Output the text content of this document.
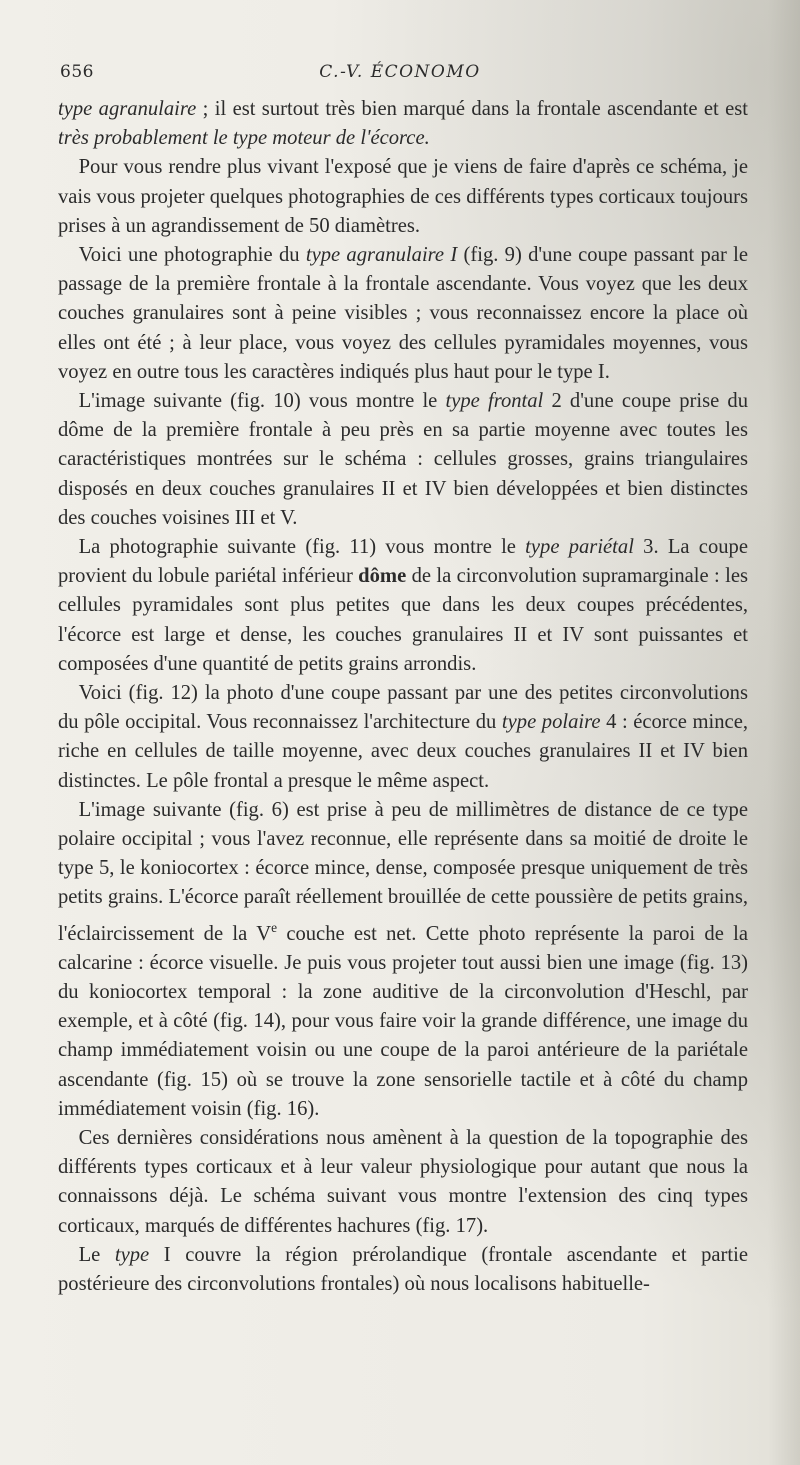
656	C.-V. ÉCONOMO

type agranulaire ; il est surtout très bien marqué dans la frontale ascendante et est très probablement le type moteur de l'écorce.

Pour vous rendre plus vivant l'exposé que je viens de faire d'après ce schéma, je vais vous projeter quelques photographies de ces différents types corticaux toujours prises à un agrandissement de 50 diamètres.

Voici une photographie du type agranulaire I (fig. 9) d'une coupe passant par le passage de la première frontale à la frontale ascendante. Vous voyez que les deux couches granulaires sont à peine visibles ; vous reconnaissez encore la place où elles ont été ; à leur place, vous voyez des cellules pyramidales moyennes, vous voyez en outre tous les caractères indiqués plus haut pour le type I.

L'image suivante (fig. 10) vous montre le type frontal 2 d'une coupe prise du dôme de la première frontale à peu près en sa partie moyenne avec toutes les caractéristiques montrées sur le schéma : cellules grosses, grains triangulaires disposés en deux couches granulaires II et IV bien développées et bien distinctes des couches voisines III et V.

La photographie suivante (fig. 11) vous montre le type pariétal 3. La coupe provient du lobule pariétal inférieur dôme de la circonvolution supramarginale : les cellules pyramidales sont plus petites que dans les deux coupes précédentes, l'écorce est large et dense, les couches granulaires II et IV sont puissantes et composées d'une quantité de petits grains arrondis.

Voici (fig. 12) la photo d'une coupe passant par une des petites circonvolutions du pôle occipital. Vous reconnaissez l'architecture du type polaire 4 : écorce mince, riche en cellules de taille moyenne, avec deux couches granulaires II et IV bien distinctes. Le pôle frontal a presque le même aspect.

L'image suivante (fig. 6) est prise à peu de millimètres de distance de ce type polaire occipital ; vous l'avez reconnue, elle représente dans sa moitié de droite le type 5, le koniocortex : écorce mince, dense, composée presque uniquement de très petits grains. L'écorce paraît réellement brouillée de cette poussière de petits grains, l'éclaircissement de la Ve couche est net. Cette photo représente la paroi de la calcarine : écorce visuelle. Je puis vous projeter tout aussi bien une image (fig. 13) du koniocortex temporal : la zone auditive de la circonvolution d'Heschl, par exemple, et à côté (fig. 14), pour vous faire voir la grande différence, une image du champ immédiatement voisin ou une coupe de la paroi antérieure de la pariétale ascendante (fig. 15) où se trouve la zone sensorielle tactile et à côté du champ immédiatement voisin (fig. 16).

Ces dernières considérations nous amènent à la question de la topographie des différents types corticaux et à leur valeur physiologique pour autant que nous la connaissons déjà. Le schéma suivant vous montre l'extension des cinq types corticaux, marqués de différentes hachures (fig. 17).

Le type I couvre la région prérolandique (frontale ascendante et partie postérieure des circonvolutions frontales) où nous localisons habituelle-
